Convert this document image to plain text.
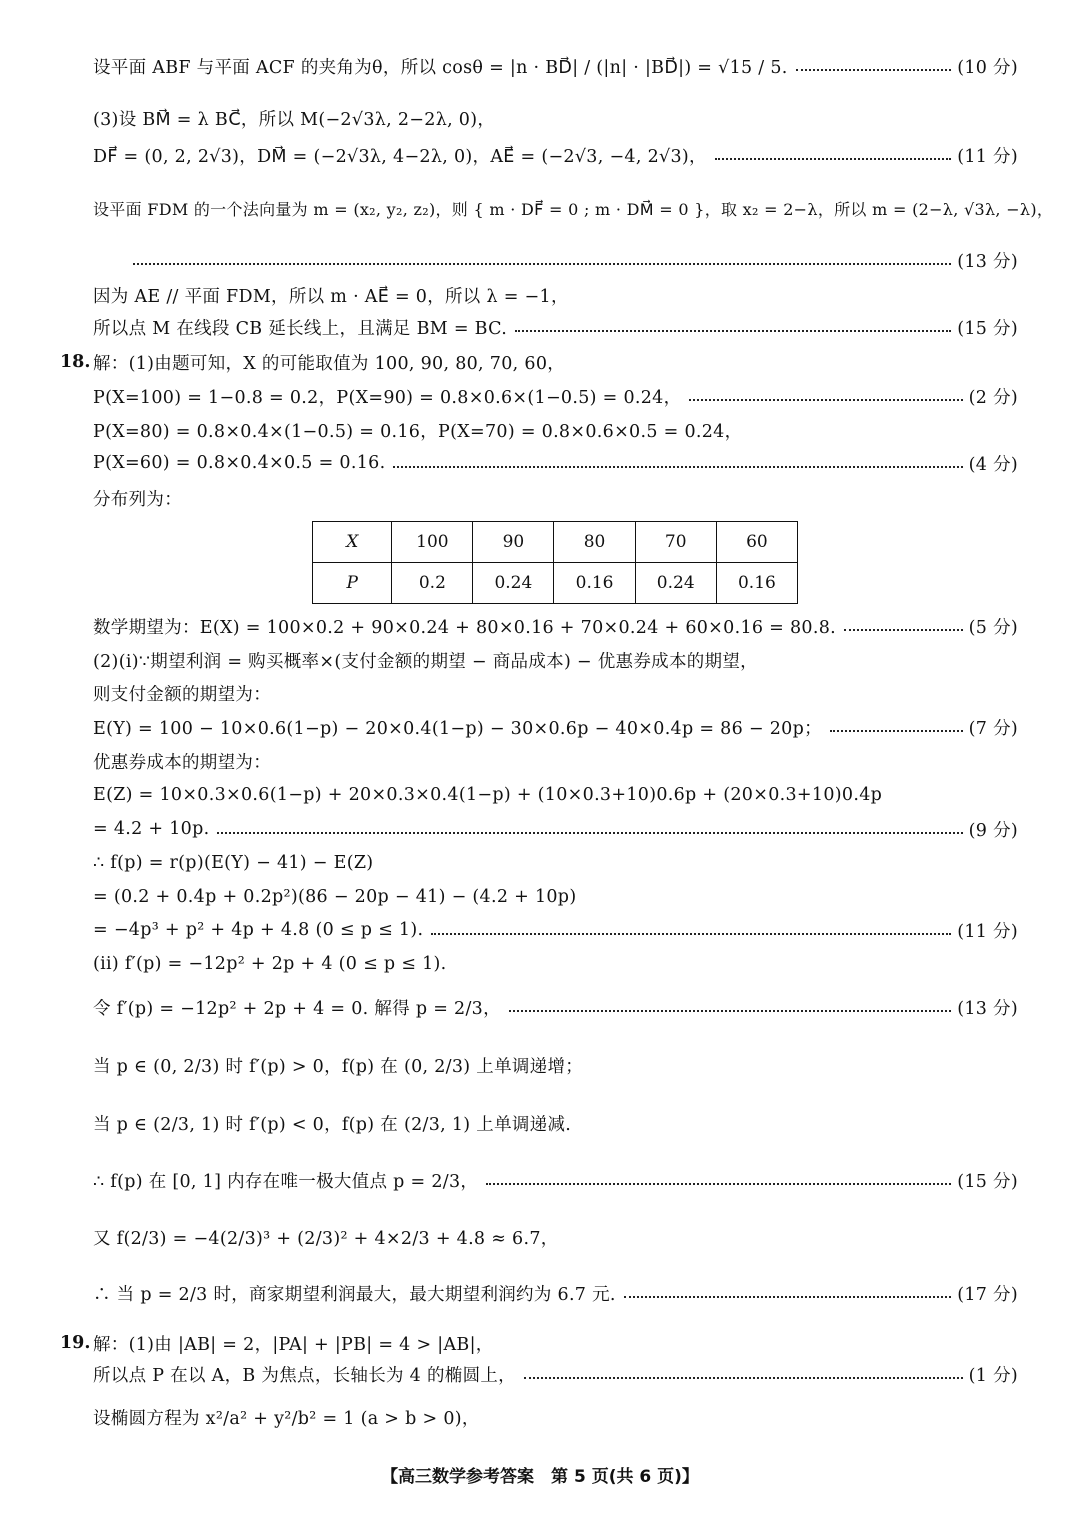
设平面 ABF 与平面 ACF 的夹角为θ，所以 cosθ = |n · BD⃗| / (|n| · |BD⃗|) = √15 / 5.	(10 分)
(3)设 BM⃗ = λ BC⃗，所以 M(−2√3λ, 2−2λ, 0)，
DF⃗ = (0, 2, 2√3)，DM⃗ = (−2√3λ, 4−2λ, 0)，AE⃗ = (−2√3, −4, 2√3)，	(11 分)
设平面 FDM 的一个法向量为 m = (x₂, y₂, z₂)，则 { m · DF⃗ = 0 ; m · DM⃗ = 0 }，取 x₂ = 2−λ，所以 m = (2−λ, √3λ, −λ)，
(13 分)
因为 AE // 平面 FDM，所以 m · AE⃗ = 0，所以 λ = −1，
所以点 M 在线段 CB 延长线上，且满足 BM = BC.	(15 分)
18. 解：(1)由题可知，X 的可能取值为 100, 90, 80, 70, 60，
P(X=100) = 1−0.8 = 0.2，P(X=90) = 0.8×0.6×(1−0.5) = 0.24，	(2 分)
P(X=80) = 0.8×0.4×(1−0.5) = 0.16，P(X=70) = 0.8×0.6×0.5 = 0.24，
P(X=60) = 0.8×0.4×0.5 = 0.16.	(4 分)
分布列为：
X	100	90	80	70	60
P	0.2	0.24	0.16	0.24	0.16
数学期望为：E(X) = 100×0.2 + 90×0.24 + 80×0.16 + 70×0.24 + 60×0.16 = 80.8.	(5 分)
(2)(i)∵期望利润 = 购买概率×(支付金额的期望 − 商品成本) − 优惠券成本的期望，
则支付金额的期望为：
E(Y) = 100 − 10×0.6(1−p) − 20×0.4(1−p) − 30×0.6p − 40×0.4p = 86 − 20p；	(7 分)
优惠券成本的期望为：
E(Z) = 10×0.3×0.6(1−p) + 20×0.3×0.4(1−p) + (10×0.3+10)0.6p + (20×0.3+10)0.4p
= 4.2 + 10p.	(9 分)
∴ f(p) = r(p)(E(Y) − 41) − E(Z)
= (0.2 + 0.4p + 0.2p²)(86 − 20p − 41) − (4.2 + 10p)
= −4p³ + p² + 4p + 4.8 (0 ≤ p ≤ 1).	(11 分)
(ii) f′(p) = −12p² + 2p + 4 (0 ≤ p ≤ 1).
令 f′(p) = −12p² + 2p + 4 = 0. 解得 p = 2/3，	(13 分)
当 p ∈ (0, 2/3) 时 f′(p) > 0，f(p) 在 (0, 2/3) 上单调递增；
当 p ∈ (2/3, 1) 时 f′(p) < 0，f(p) 在 (2/3, 1) 上单调递减.
∴ f(p) 在 [0, 1] 内存在唯一极大值点 p = 2/3，	(15 分)
又 f(2/3) = −4(2/3)³ + (2/3)² + 4×2/3 + 4.8 ≈ 6.7，
∴ 当 p = 2/3 时，商家期望利润最大，最大期望利润约为 6.7 元.	(17 分)
19. 解：(1)由 |AB| = 2，|PA| + |PB| = 4 > |AB|，
所以点 P 在以 A，B 为焦点，长轴长为 4 的椭圆上，	(1 分)
设椭圆方程为 x²/a² + y²/b² = 1 (a > b > 0)，
【高三数学参考答案　第 5 页(共 6 页)】
